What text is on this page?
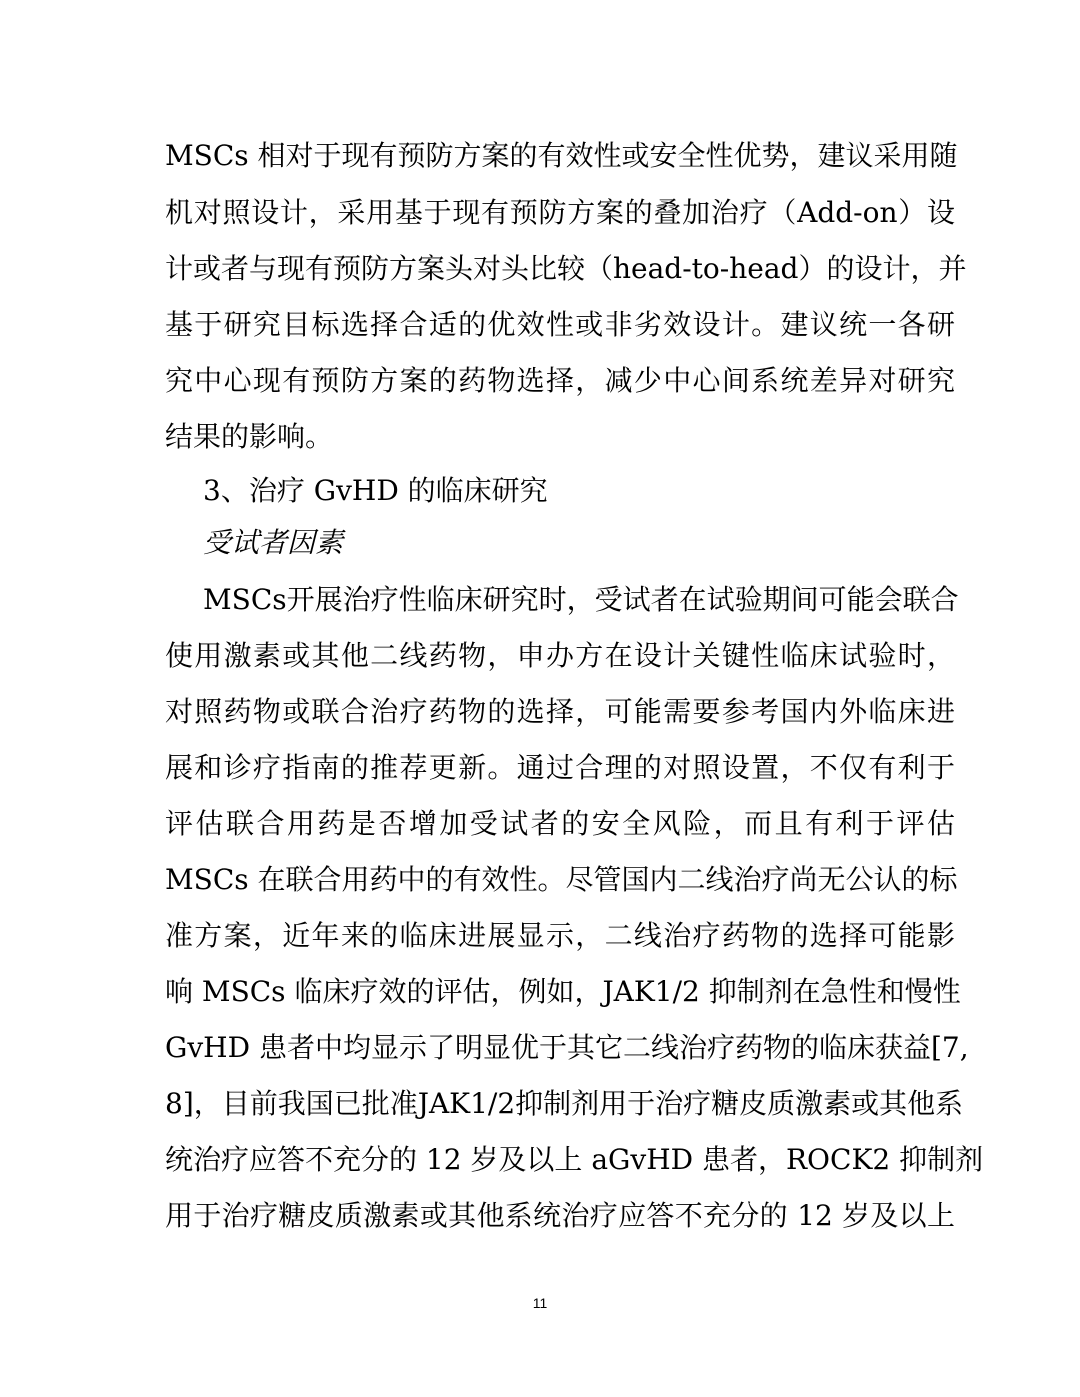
MSCs 相对于现有预防方案的有效性或安全性优势，建议采用随
机对照设计，采用基于现有预防方案的叠加治疗（Add-on）设
计或者与现有预防方案头对头比较（head-to-head）的设计，并
基于研究目标选择合适的优效性或非劣效设计。建议统一各研
究中心现有预防方案的药物选择，减少中心间系统差异对研究
结果的影响。
3、治疗 GvHD 的临床研究
受试者因素
MSCs开展治疗性临床研究时，受试者在试验期间可能会联合
使用激素或其他二线药物，申办方在设计关键性临床试验时，
对照药物或联合治疗药物的选择，可能需要参考国内外临床进
展和诊疗指南的推荐更新。通过合理的对照设置，不仅有利于
评估联合用药是否增加受试者的安全风险，而且有利于评估
MSCs 在联合用药中的有效性。尽管国内二线治疗尚无公认的标
准方案，近年来的临床进展显示，二线治疗药物的选择可能影
响 MSCs 临床疗效的评估，例如，JAK1/2 抑制剂在急性和慢性
GvHD 患者中均显示了明显优于其它二线治疗药物的临床获益[7,
8]，目前我国已批准JAK1/2抑制剂用于治疗糖皮质激素或其他系
统治疗应答不充分的 12 岁及以上 aGvHD 患者，ROCK2 抑制剂
用于治疗糖皮质激素或其他系统治疗应答不充分的 12 岁及以上
11
